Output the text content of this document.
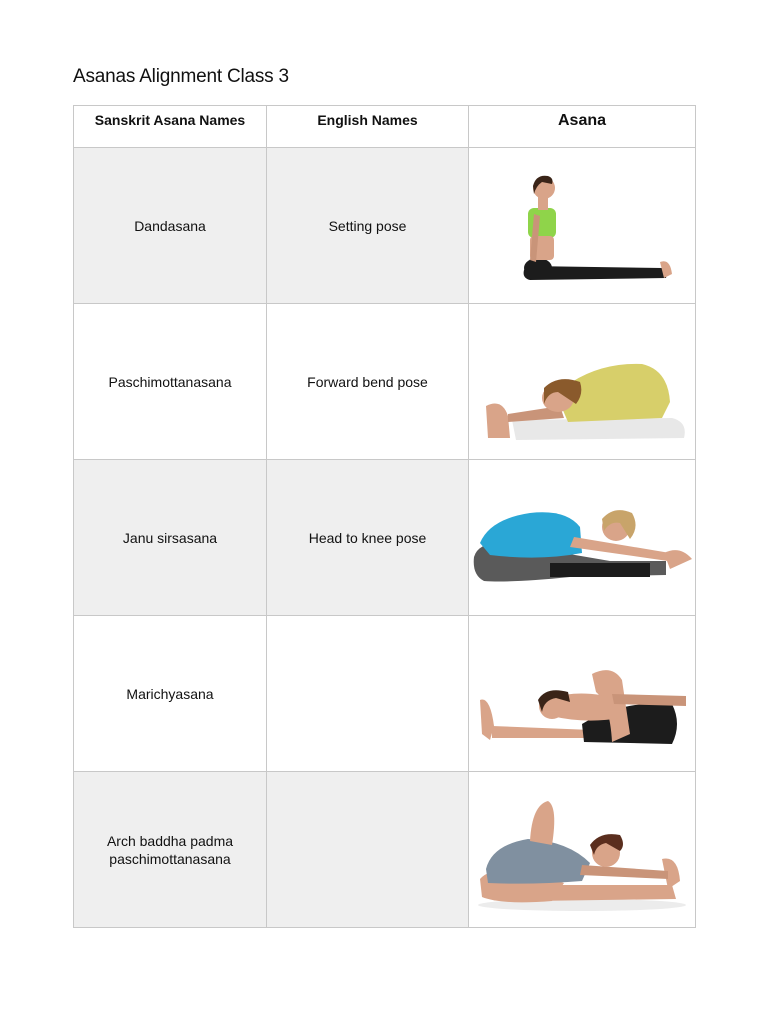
Asanas Alignment Class 3
Sanskrit Asana Names	English Names	Asana
Dandasana	Setting pose	

Paschimottanasana	Forward bend pose	

Janu sirsasana	Head to knee pose	

Marichyasana		

Arch baddha padma
paschimottanasana		
